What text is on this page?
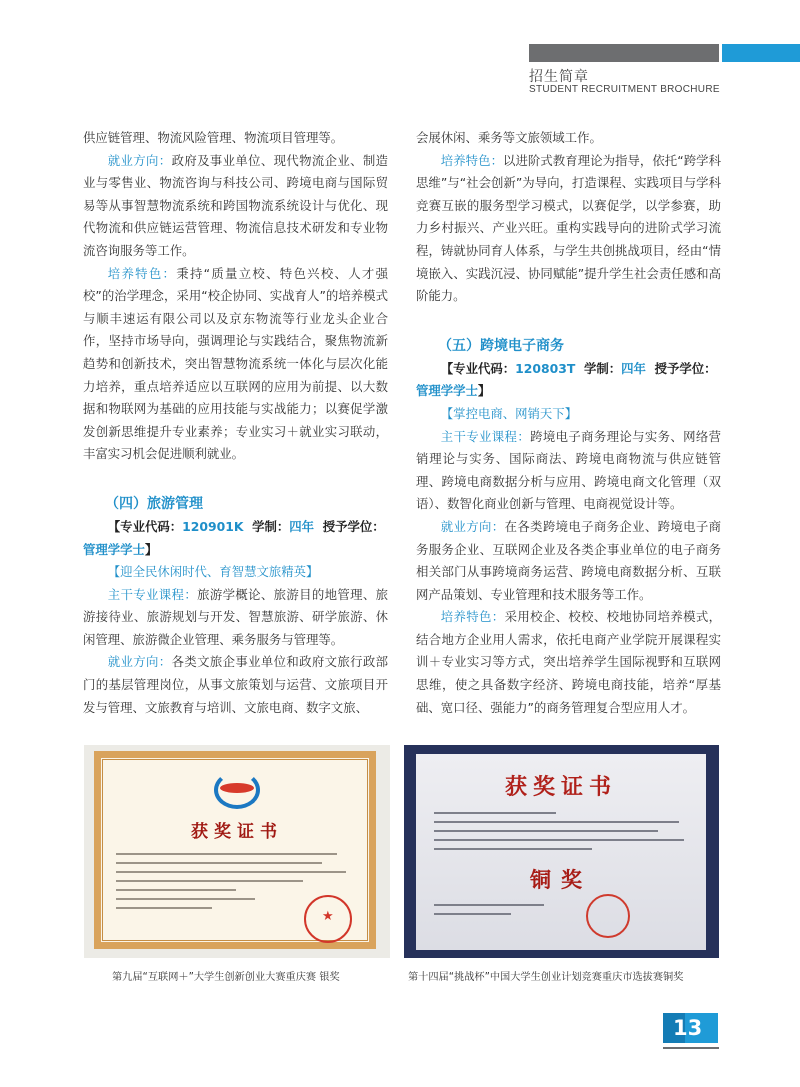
招生简章
STUDENT RECRUITMENT BROCHURE

供应链管理、物流风险管理、物流项目管理等。

就业方向：政府及事业单位、现代物流企业、制造业与零售业、物流咨询与科技公司、跨境电商与国际贸易等从事智慧物流系统和跨国物流系统设计与优化、现代物流和供应链运营管理、物流信息技术研发和专业物流咨询服务等工作。

培养特色：秉持“质量立校、特色兴校、人才强校”的治学理念，采用“校企协同、实战育人”的培养模式与顺丰速运有限公司以及京东物流等行业龙头企业合作，坚持市场导向，强调理论与实践结合，聚焦物流新趋势和创新技术，突出智慧物流系统一体化与层次化能力培养，重点培养适应以互联网的应用为前提、以大数据和物联网为基础的应用技能与实战能力；以赛促学激发创新思维提升专业素养；专业实习＋就业实习联动，丰富实习机会促进顺利就业。

（四）旅游管理

【专业代码：120901K 学制：四年 授予学位：

管理学学士】

【迎全民休闲时代、育智慧文旅精英】

主干专业课程：旅游学概论、旅游目的地管理、旅游接待业、旅游规划与开发、智慧旅游、研学旅游、休闲管理、旅游微企业管理、乘务服务与管理等。

就业方向：各类文旅企事业单位和政府文旅行政部门的基层管理岗位，从事文旅策划与运营、文旅项目开发与管理、文旅教育与培训、文旅电商、数字文旅、

会展休闲、乘务等文旅领域工作。

培养特色：以进阶式教育理论为指导，依托“跨学科思维”与“社会创新”为导向，打造课程、实践项目与学科竞赛互嵌的服务型学习模式，以赛促学，以学参赛，助力乡村振兴、产业兴旺。重构实践导向的进阶式学习流程，铸就协同育人体系，与学生共创挑战项目，经由“情境嵌入、实践沉浸、协同赋能”提升学生社会责任感和高阶能力。

（五）跨境电子商务

【专业代码：120803T 学制：四年 授予学位：

管理学学士】

【掌控电商、网销天下】

主干专业课程：跨境电子商务理论与实务、网络营销理论与实务、国际商法、跨境电商物流与供应链管理、跨境电商数据分析与应用、跨境电商文化管理（双语）、数智化商业创新与管理、电商视觉设计等。

就业方向：在各类跨境电子商务企业、跨境电子商务服务企业、互联网企业及各类企事业单位的电子商务相关部门从事跨境商务运营、跨境电商数据分析、互联网产品策划、专业管理和技术服务等工作。

培养特色：采用校企、校校、校地协同培养模式，结合地方企业用人需求，依托电商产业学院开展课程实训＋专业实习等方式，突出培养学生国际视野和互联网思维，使之具备数字经济、跨境电商技能，培养“厚基础、宽口径、强能力”的商务管理复合型应用人才。

获奖证书
★
获奖证书
铜奖
第九届“互联网＋”大学生创新创业大赛重庆赛 银奖	第十四届“挑战杯”中国大学生创业计划竞赛重庆市选拔赛铜奖
13
